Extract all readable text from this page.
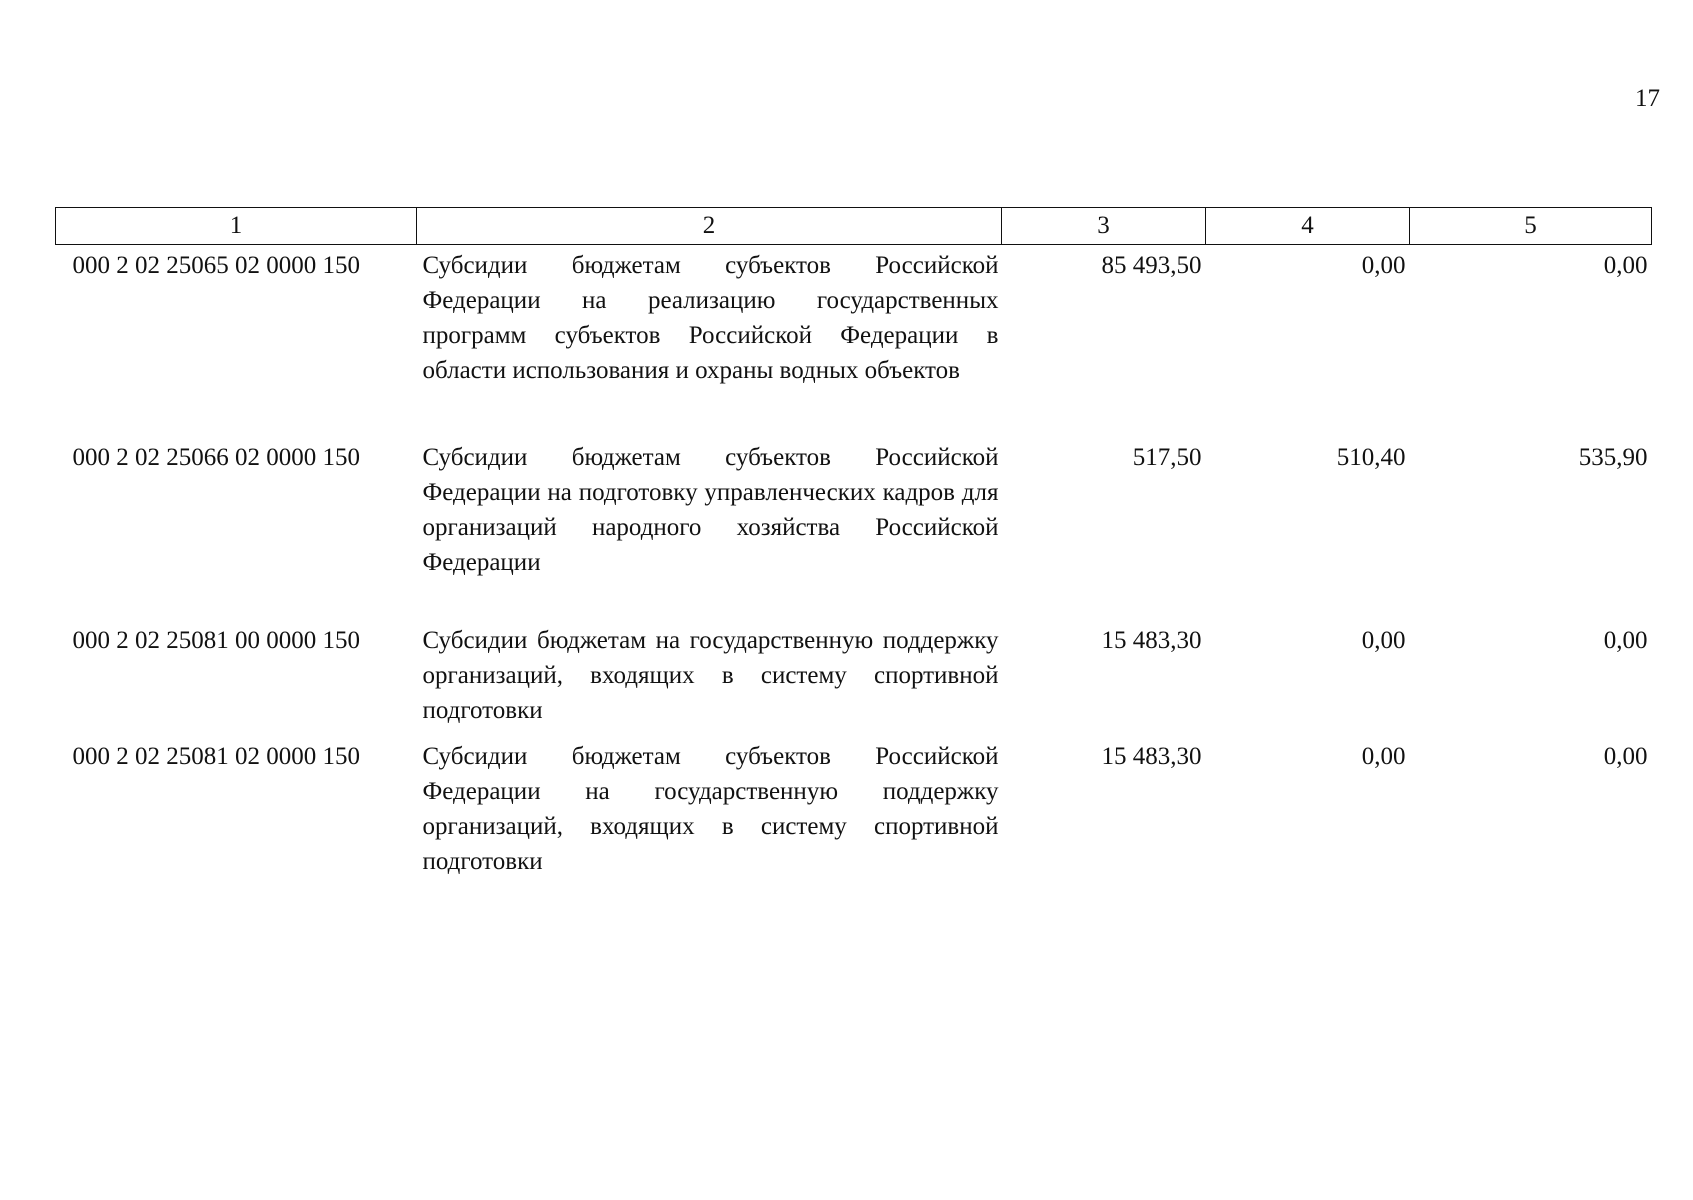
17
1	2	3	4	5
000 2 02 25065 02 0000 150	Субсидии бюджетам субъектов Российской Федерации на реализацию государственных программ субъектов Российской Федерации в области использования и охраны водных объектов	85 493,50	0,00	0,00
000 2 02 25066 02 0000 150	Субсидии бюджетам субъектов Российской Федерации на подготовку управленческих кадров для организаций народного хозяйства Российской Федерации	517,50	510,40	535,90
000 2 02 25081 00 0000 150	Субсидии бюджетам на государственную поддержку организаций, входящих в систему спортивной подготовки	15 483,30	0,00	0,00
000 2 02 25081 02 0000 150	Субсидии бюджетам субъектов Российской Федерации на государственную поддержку организаций, входящих в систему спортивной подготовки	15 483,30	0,00	0,00
